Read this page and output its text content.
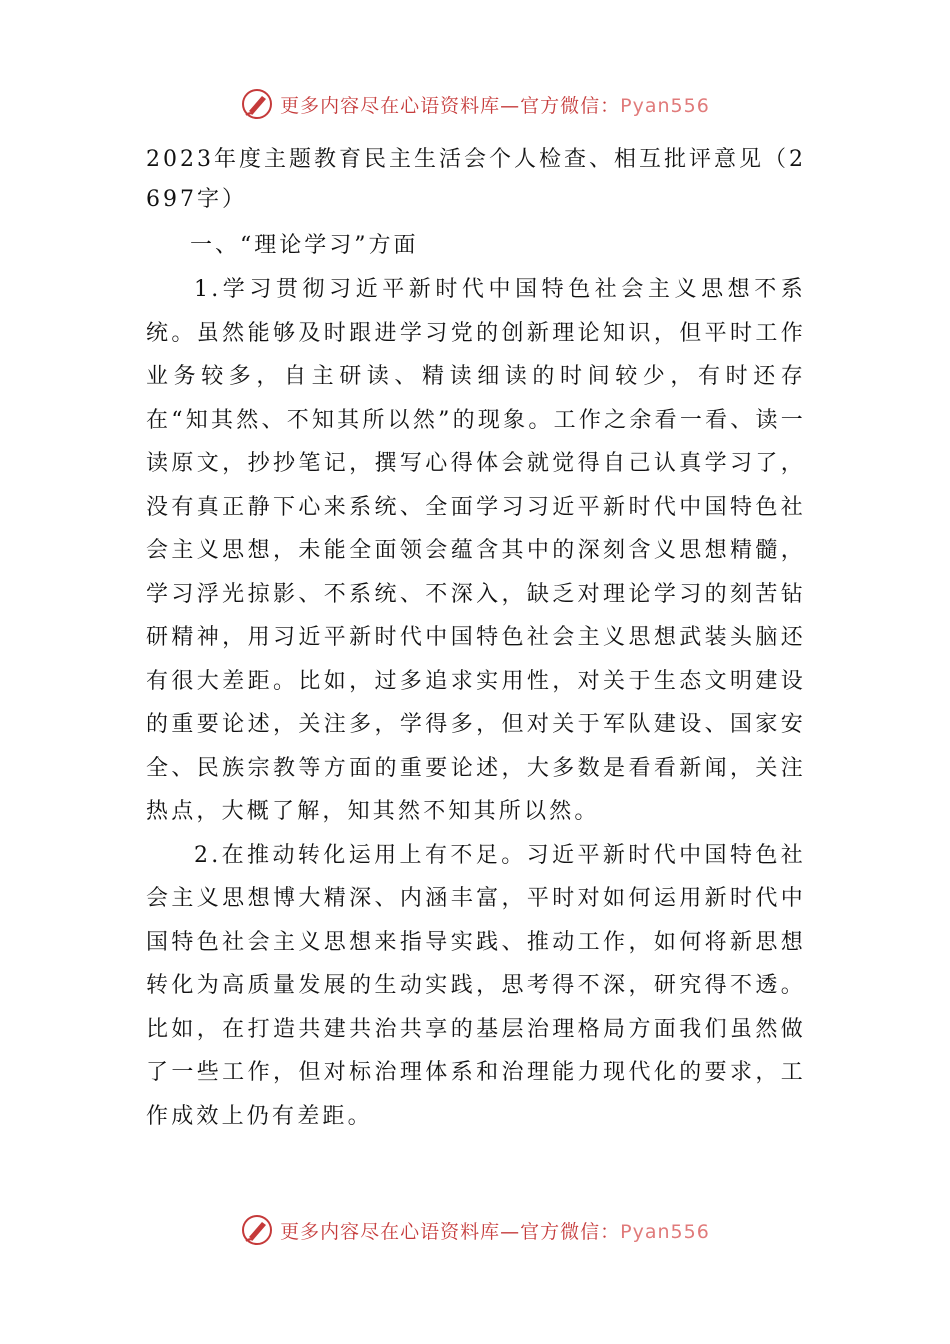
更多内容尽在心语资料库—官方微信：Pyan556
2023年度主题教育民主生活会个人检查、相互批评意见（2697字）

一、“理论学习”方面

1.学习贯彻习近平新时代中国特色社会主义思想不系统。虽然能够及时跟进学习党的创新理论知识，但平时工作业务较多，自主研读、精读细读的时间较少，有时还存在“知其然、不知其所以然”的现象。工作之余看一看、读一读原文，抄抄笔记，撰写心得体会就觉得自己认真学习了，没有真正静下心来系统、全面学习习近平新时代中国特色社会主义思想，未能全面领会蕴含其中的深刻含义思想精髓，学习浮光掠影、不系统、不深入，缺乏对理论学习的刻苦钻研精神，用习近平新时代中国特色社会主义思想武装头脑还有很大差距。比如，过多追求实用性，对关于生态文明建设的重要论述，关注多，学得多，但对关于军队建设、国家安全、民族宗教等方面的重要论述，大多数是看看新闻，关注热点，大概了解，知其然不知其所以然。

2.在推动转化运用上有不足。习近平新时代中国特色社会主义思想博大精深、内涵丰富，平时对如何运用新时代中国特色社会主义思想来指导实践、推动工作，如何将新思想转化为高质量发展的生动实践，思考得不深，研究得不透。比如，在打造共建共治共享的基层治理格局方面我们虽然做了一些工作，但对标治理体系和治理能力现代化的要求，工作成效上仍有差距。

更多内容尽在心语资料库—官方微信：Pyan556
